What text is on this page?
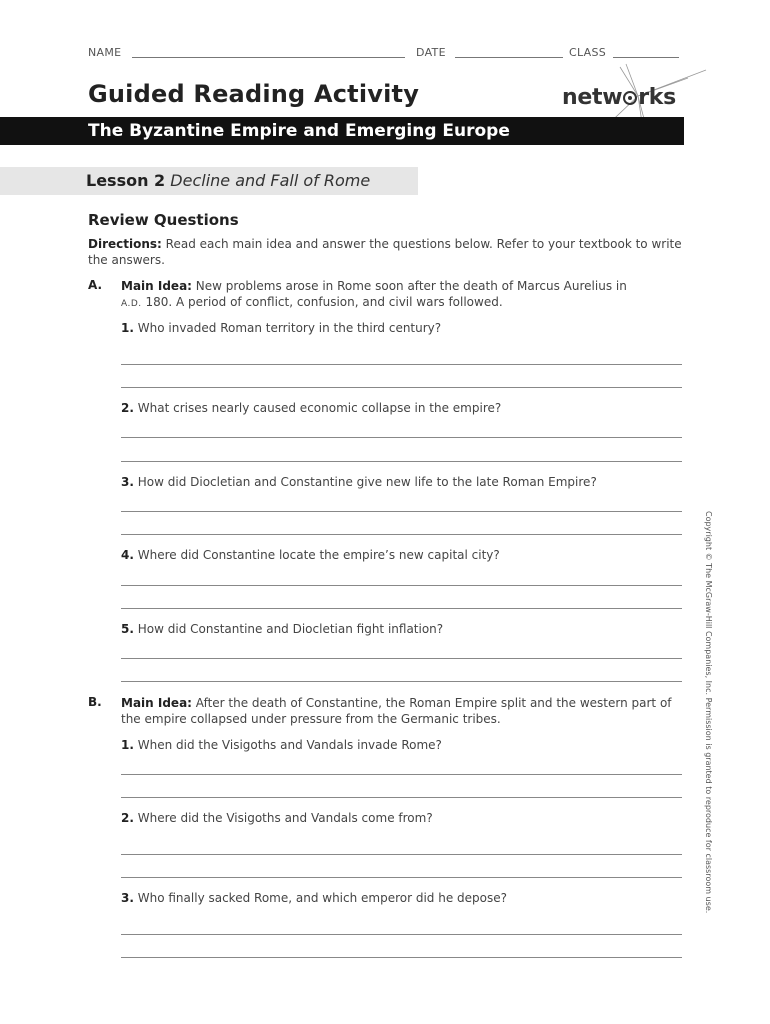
NAME	DATE	CLASS
Guided Reading Activity	netw rks
The Byzantine Empire and Emerging Europe
Lesson 2 Decline and Fall of Rome
Review Questions
Directions: Read each main idea and answer the questions below. Refer to your textbook to write the answers.
A. Main Idea: New problems arose in Rome soon after the death of Marcus Aurelius in
A.D. 180. A period of conflict, confusion, and civil wars followed.
1. Who invaded Roman territory in the third century?
2. What crises nearly caused economic collapse in the empire?
3. How did Diocletian and Constantine give new life to the late Roman Empire?
4. Where did Constantine locate the empire’s new capital city?
5. How did Constantine and Diocletian fight inflation?
B. Main Idea: After the death of Constantine, the Roman Empire split and the western part of the empire collapsed under pressure from the Germanic tribes.
1. When did the Visigoths and Vandals invade Rome?
2. Where did the Visigoths and Vandals come from?
3. Who finally sacked Rome, and which emperor did he depose?	Copyright © The McGraw-Hill Companies, Inc. Permission is granted to reproduce for classroom use.
